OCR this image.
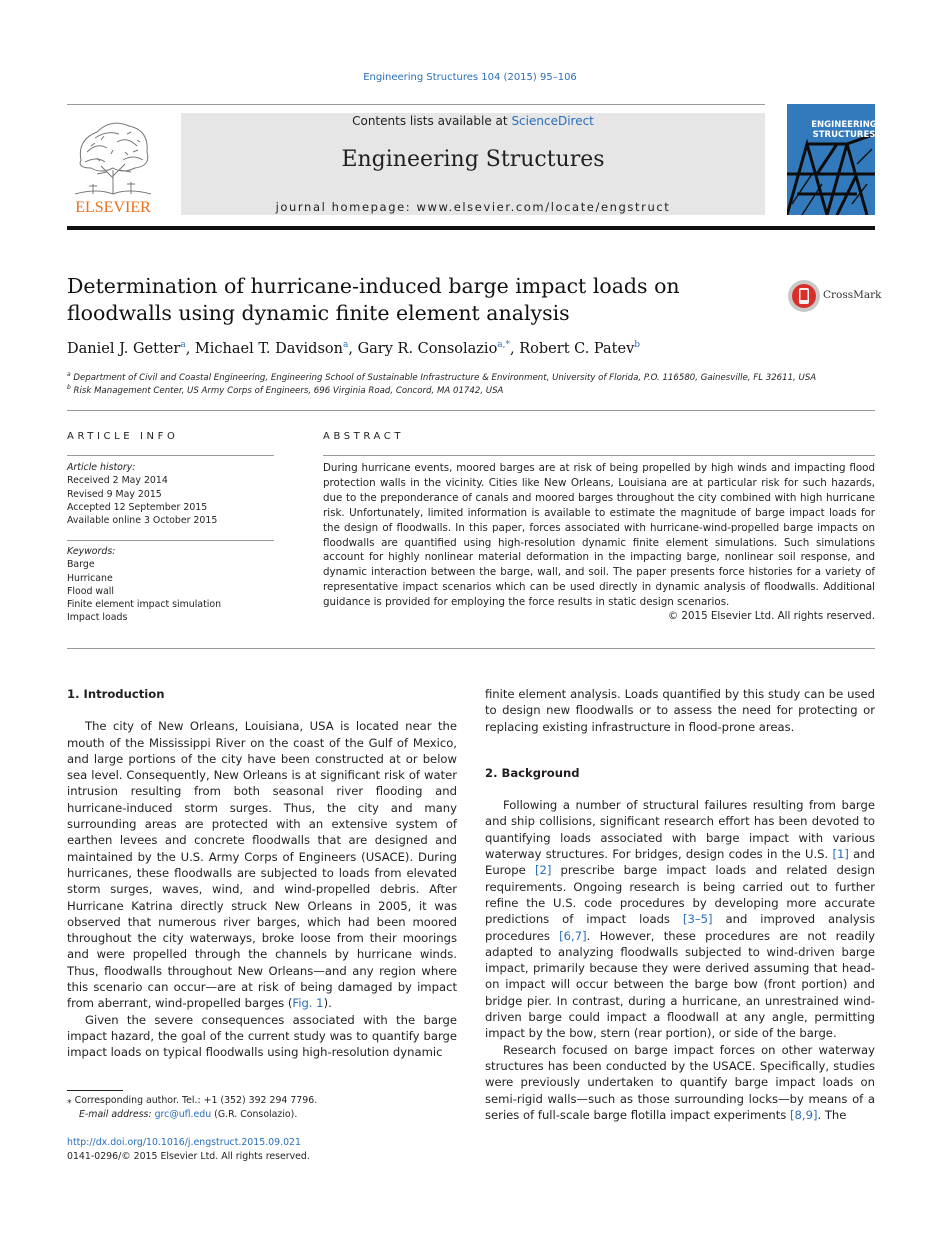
Engineering Structures 104 (2015) 95–106
ELSEVIER
Contents lists available at ScienceDirect
Engineering Structures
journal homepage: www.elsevier.com/locate/engstruct
ENGINEERING
STRUCTURES
Determination of hurricane-induced barge impact loads on floodwalls using dynamic finite element analysis
CrossMark
Daniel J. Getter$^a$, Michael T. Davidson$^a$, Gary R. Consolazio$^{a,*}$, Robert C. Patev$^b$
$^a$ Department of Civil and Coastal Engineering, Engineering School of Sustainable Infrastructure & Environment, University of Florida, P.O. 116580, Gainesville, FL 32611, USA
$^b$ Risk Management Center, US Army Corps of Engineers, 696 Virginia Road, Concord, MA 01742, USA
ARTICLE INFO	ABSTRACT
Article history:
Received 2 May 2014
Revised 9 May 2015
Accepted 12 September 2015
Available online 3 October 2015
Keywords:
Barge
Hurricane
Flood wall
Finite element impact simulation
Impact loads
During hurricane events, moored barges are at risk of being propelled by high winds and impacting flood protection walls in the vicinity. Cities like New Orleans, Louisiana are at particular risk for such hazards, due to the preponderance of canals and moored barges throughout the city combined with high hurricane risk. Unfortunately, limited information is available to estimate the magnitude of barge impact loads for the design of floodwalls. In this paper, forces associated with hurricane-wind-propelled barge impacts on floodwalls are quantified using high-resolution dynamic finite element simulations. Such simulations account for highly nonlinear material deformation in the impacting barge, nonlinear soil response, and dynamic interaction between the barge, wall, and soil. The paper presents force histories for a variety of representative impact scenarios which can be used directly in dynamic analysis of floodwalls. Additional guidance is provided for employing the force results in static design scenarios.
© 2015 Elsevier Ltd. All rights reserved.
1. Introduction

The city of New Orleans, Louisiana, USA is located near the mouth of the Mississippi River on the coast of the Gulf of Mexico, and large portions of the city have been constructed at or below sea level. Consequently, New Orleans is at significant risk of water intrusion resulting from both seasonal river flooding and hurricane-induced storm surges. Thus, the city and many surrounding areas are protected with an extensive system of earthen levees and concrete floodwalls that are designed and maintained by the U.S. Army Corps of Engineers (USACE). During hurricanes, these floodwalls are subjected to loads from elevated storm surges, waves, wind, and wind-propelled debris. After Hurricane Katrina directly struck New Orleans in 2005, it was observed that numerous river barges, which had been moored throughout the city waterways, broke loose from their moorings and were propelled through the channels by hurricane winds. Thus, floodwalls throughout New Orleans—and any region where this scenario can occur—are at risk of being damaged by impact from aberrant, wind-propelled barges (Fig. 1).

Given the severe consequences associated with the barge impact hazard, the goal of the current study was to quantify barge impact loads on typical floodwalls using high-resolution dynamic

finite element analysis. Loads quantified by this study can be used to design new floodwalls or to assess the need for protecting or replacing existing infrastructure in flood-prone areas.

2. Background

Following a number of structural failures resulting from barge and ship collisions, significant research effort has been devoted to quantifying loads associated with barge impact with various waterway structures. For bridges, design codes in the U.S. [1] and Europe [2] prescribe barge impact loads and related design requirements. Ongoing research is being carried out to further refine the U.S. code procedures by developing more accurate predictions of impact loads [3–5] and improved analysis procedures [6,7]. However, these procedures are not readily adapted to analyzing floodwalls subjected to wind-driven barge impact, primarily because they were derived assuming that head-on impact will occur between the barge bow (front portion) and bridge pier. In contrast, during a hurricane, an unrestrained wind-driven barge could impact a floodwall at any angle, permitting impact by the bow, stern (rear portion), or side of the barge.

Research focused on barge impact forces on other waterway structures has been conducted by the USACE. Specifically, studies were previously undertaken to quantify barge impact loads on semi-rigid walls—such as those surrounding locks—by means of a series of full-scale barge flotilla impact experiments [8,9]. The

⁎ Corresponding author. Tel.: +1 (352) 392 294 7796.
E-mail address: grc@ufl.edu (G.R. Consolazio).
http://dx.doi.org/10.1016/j.engstruct.2015.09.021
0141-0296/© 2015 Elsevier Ltd. All rights reserved.
